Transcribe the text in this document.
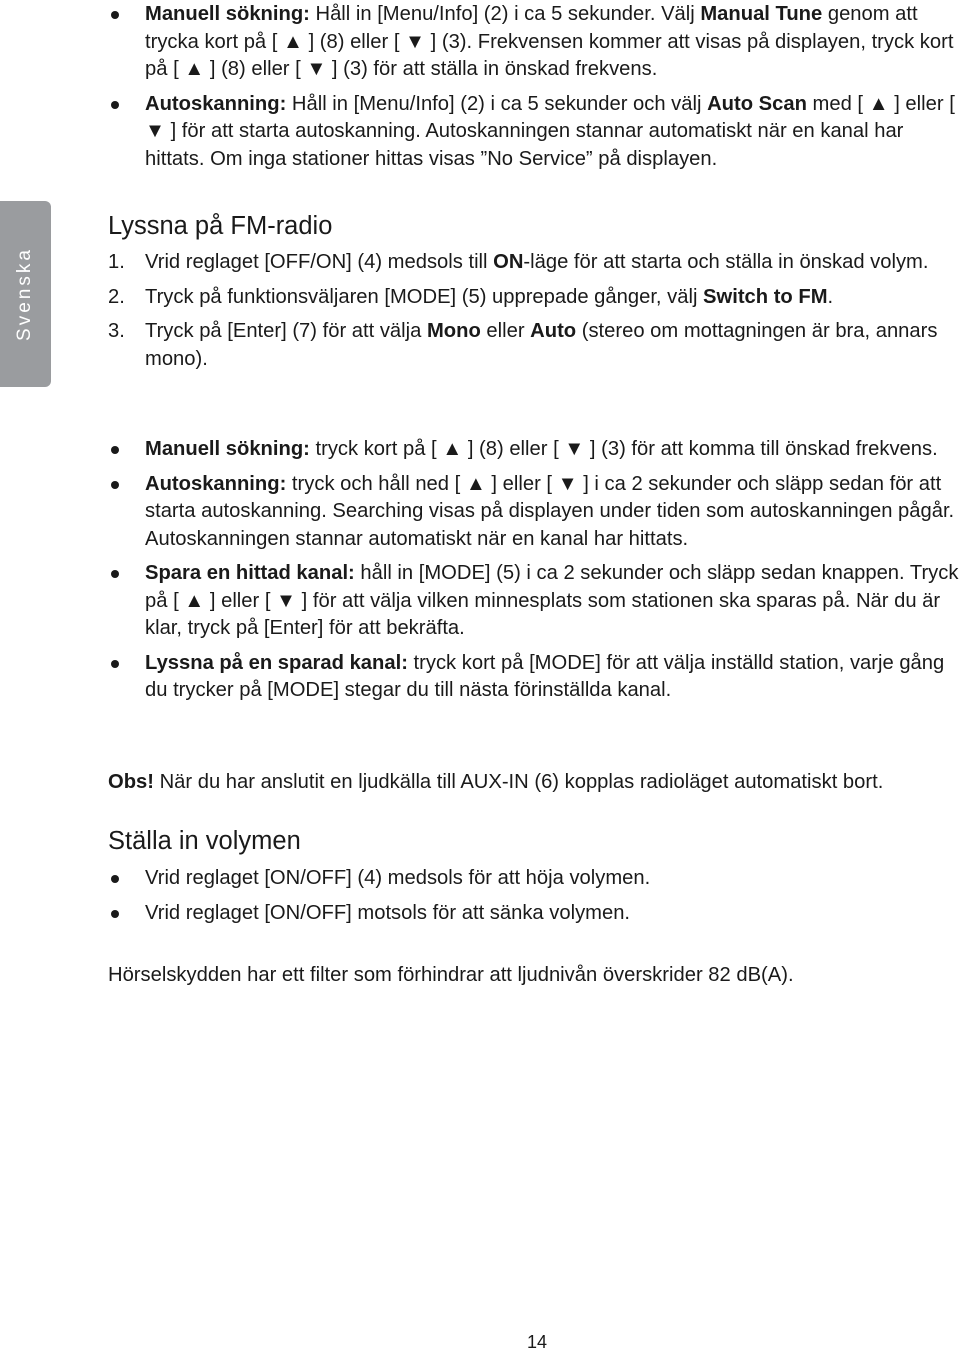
Svenska
Manuell sökning: Håll in [Menu/Info] (2) i ca 5 sekunder. Välj Manual Tune genom att trycka kort på [ ▲ ] (8) eller [ ▼ ] (3). Frekvensen kommer att visas på displayen, tryck kort på [ ▲ ] (8) eller [ ▼ ] (3) för att ställa in önskad frekvens.
Autoskanning: Håll in [Menu/Info] (2) i ca 5 sekunder och välj Auto Scan med [ ▲ ] eller [ ▼ ] för att starta autoskanning. Autoskanningen stannar automatiskt när en kanal har hittats. Om inga stationer hittas visas ”No Service” på displayen.
Lyssna på FM-radio
1. Vrid reglaget [OFF/ON] (4) medsols till ON-läge för att starta och ställa in önskad volym.
2. Tryck på funktionsväljaren [MODE] (5) upprepade gånger, välj Switch to FM.
3. Tryck på [Enter] (7) för att välja Mono eller Auto (stereo om mottagningen är bra, annars mono).
Manuell sökning: tryck kort på [ ▲ ] (8) eller [ ▼ ] (3) för att komma till önskad frekvens.
Autoskanning: tryck och håll ned [ ▲ ] eller [ ▼ ] i ca 2 sekunder och släpp sedan för att starta autoskanning. Searching visas på displayen under tiden som autoskanningen pågår. Autoskanningen stannar automatiskt när en kanal har hittats.
Spara en hittad kanal: håll in [MODE] (5) i ca 2 sekunder och släpp sedan knappen. Tryck på [ ▲ ] eller [ ▼ ] för att välja vilken minnesplats som stationen ska sparas på. När du är klar, tryck på [Enter] för att bekräfta.
Lyssna på en sparad kanal: tryck kort på [MODE] för att välja inställd station, varje gång du trycker på [MODE] stegar du till nästa förinställda kanal.

Obs! När du har anslutit en ljudkälla till AUX-IN (6) kopplas radioläget automatiskt bort.

Ställa in volymen
Vrid reglaget [ON/OFF] (4) medsols för att höja volymen.
Vrid reglaget [ON/OFF] motsols för att sänka volymen.

Hörselskydden har ett filter som förhindrar att ljudnivån överskrider 82 dB(A).

14
